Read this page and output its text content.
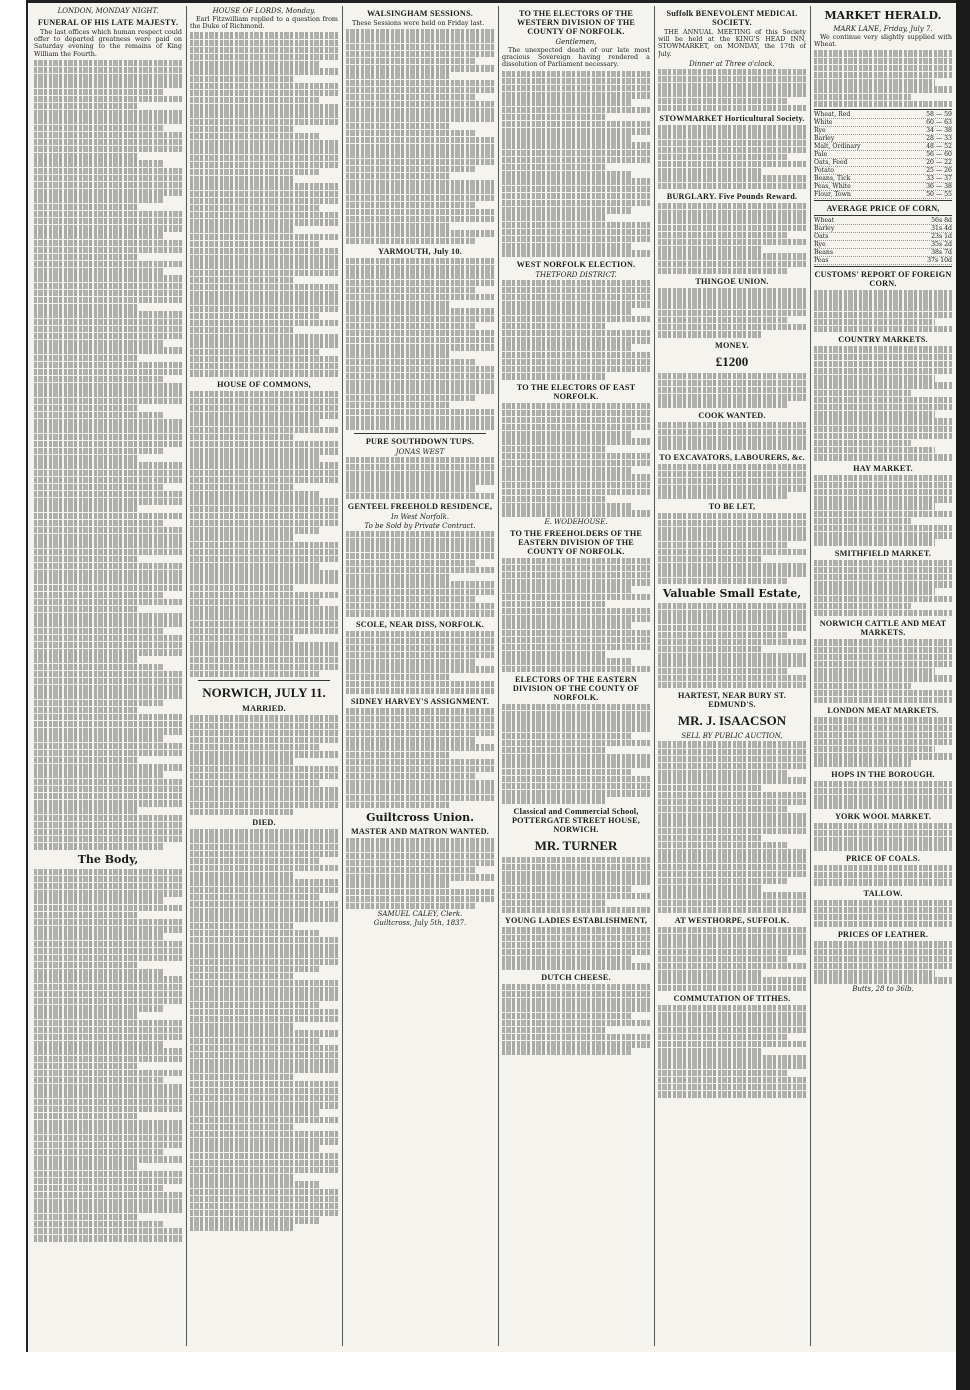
LONDON, MONDAY NIGHT.
FUNERAL OF HIS LATE MAJESTY.
The last offices which human respect could offer to departed greatness were paid on Saturday evening to the remains of King William the Fourth.
The Body,
HOUSE OF LORDS, Monday.
Earl Fitzwilliam replied to a question from the Duke of Richmond.
HOUSE OF COMMONS,
NORWICH, JULY 11.
MARRIED.
DIED.
WALSINGHAM SESSIONS.
These Sessions were held on Friday last.
YARMOUTH, July 10.
PURE SOUTHDOWN TUPS.
JONAS WEST
GENTEEL FREEHOLD RESIDENCE,
In West Norfolk.
To be Sold by Private Contract.
SCOLE, NEAR DISS, NORFOLK.
SIDNEY HARVEY'S ASSIGNMENT.
Guiltcross Union.
MASTER AND MATRON WANTED.
SAMUEL CALEY, Clerk.
Guiltcross, July 5th, 1837.
TO THE ELECTORS OF THE WESTERN DIVISION OF THE COUNTY OF NORFOLK.
Gentlemen,
The unexpected death of our late most gracious Sovereign having rendered a dissolution of Parliament necessary.
WEST NORFOLK ELECTION.
THETFORD DISTRICT.
TO THE ELECTORS OF EAST NORFOLK.
E. WODEHOUSE.
TO THE FREEHOLDERS OF THE EASTERN DIVISION OF THE COUNTY OF NORFOLK.
ELECTORS OF THE EASTERN DIVISION OF THE COUNTY OF NORFOLK.
Classical and Commercial School, POTTERGATE STREET HOUSE, NORWICH.
MR. TURNER
YOUNG LADIES ESTABLISHMENT,
DUTCH CHEESE.
Suffolk BENEVOLENT MEDICAL SOCIETY.
THE ANNUAL MEETING of this Society will be held at the KING'S HEAD INN, STOWMARKET, on MONDAY, the 17th of July.
Dinner at Three o'clock.
STOWMARKET Horticultural Society.
BURGLARY. Five Pounds Reward.
THINGOE UNION.
MONEY.
£1200
COOK WANTED.
TO EXCAVATORS, LABOURERS, &c.
TO BE LET,
Valuable Small Estate,
HARTEST, NEAR BURY ST. EDMUND'S.
MR. J. ISAACSON
SELL BY PUBLIC AUCTION,
AT WESTHORPE, SUFFOLK.
COMMUTATION OF TITHES.
MARKET HERALD.
MARK LANE, Friday, July 7.
We continue very slightly supplied with Wheat.
Wheat, Red	58 — 59
White	60 — 63
Rye	34 — 38
Barley	28 — 33
Malt, Ordinary	48 — 52
Pale	56 — 60
Oats, Feed	20 — 22
Potato	25 — 26
Beans, Tick	33 — 37
Peas, White	36 — 38
Flour, Town	50 — 55
AVERAGE PRICE OF CORN,
Wheat	56s 8d
Barley	31s 4d
Oats	23s 1d
Rye	35s 2d
Beans	38s 7d
Peas	37s 10d
CUSTOMS' REPORT OF FOREIGN CORN.
COUNTRY MARKETS.
HAY MARKET.
SMITHFIELD MARKET.
NORWICH CATTLE AND MEAT MARKETS.
LONDON MEAT MARKETS.
HOPS IN THE BOROUGH.
YORK WOOL MARKET.
PRICE OF COALS.
TALLOW.
PRICES OF LEATHER.
Butts, 28 to 36lb.
